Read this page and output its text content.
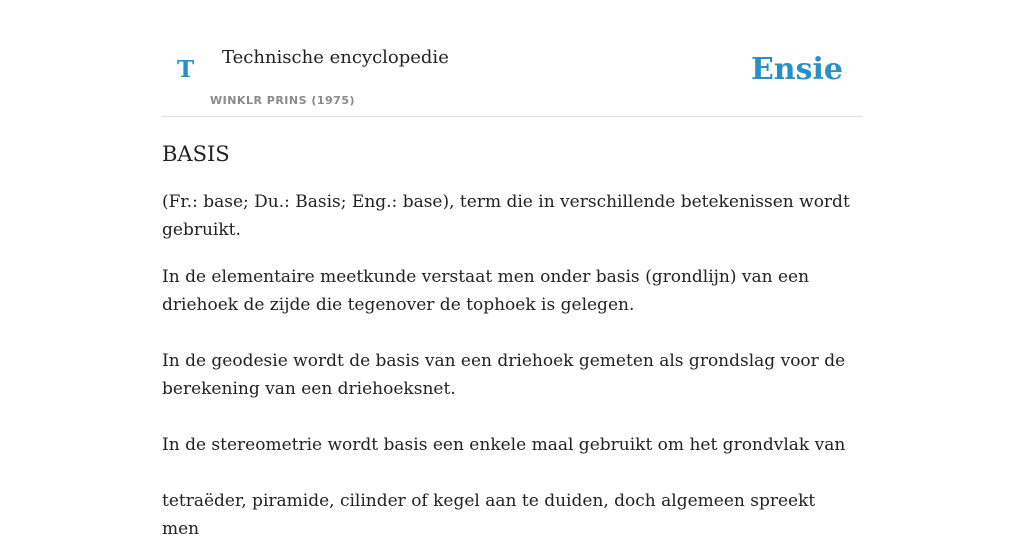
T Technische encyclopedie
WINKLR PRINS (1975)
Ensie
BASIS

(Fr.: base; Du.: Basis; Eng.: base), term die in verschillende betekenissen wordt gebruikt.

In de elementaire meetkunde verstaat men onder basis (grondlijn) van een driehoek de zijde die tegenover de tophoek is gelegen.

In de geodesie wordt de basis van een driehoek gemeten als grondslag voor de berekening van een driehoeksnet.

In de stereometrie wordt basis een enkele maal gebruikt om het grondvlak van

tetraëder, piramide, cilinder of kegel aan te duiden, doch algemeen spreekt men
